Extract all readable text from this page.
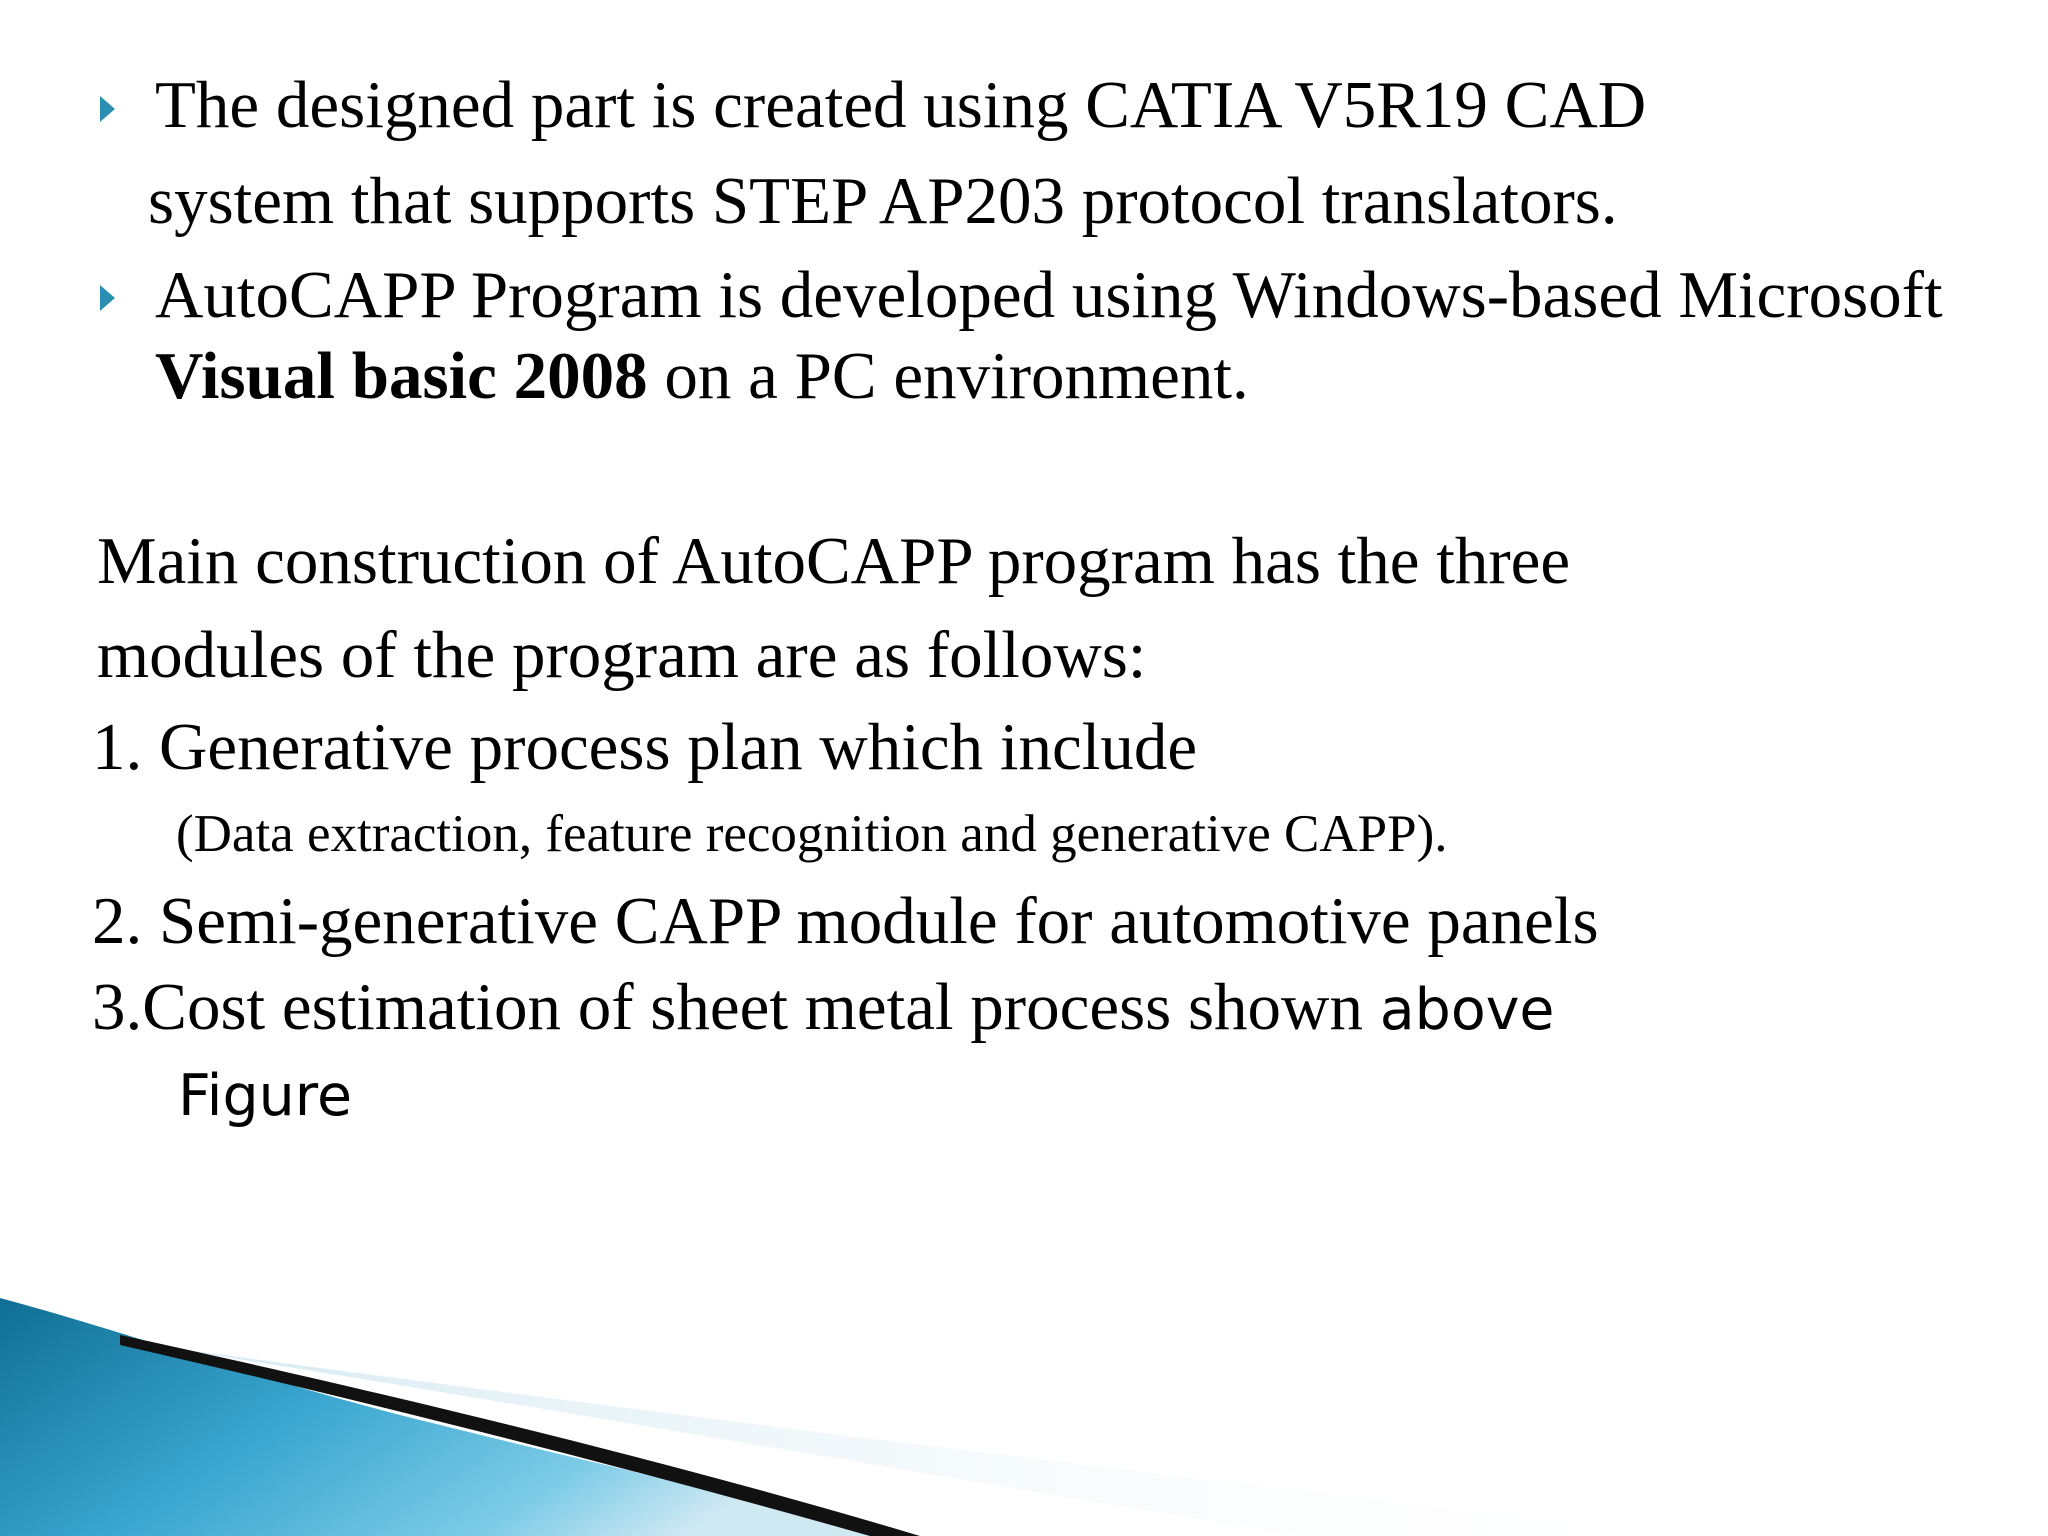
The designed part is created using CATIA V5R19 CAD
system that supports STEP AP203 protocol translators.
AutoCAPP Program is developed using Windows-based Microsoft
Visual basic 2008 on a PC environment.
Main construction of AutoCAPP program has the three
modules of the program are as follows:
1. Generative process plan which include
(Data extraction, feature recognition and generative CAPP).
2. Semi-generative CAPP module for automotive panels
3.Cost estimation of sheet metal process shown above
Figure
